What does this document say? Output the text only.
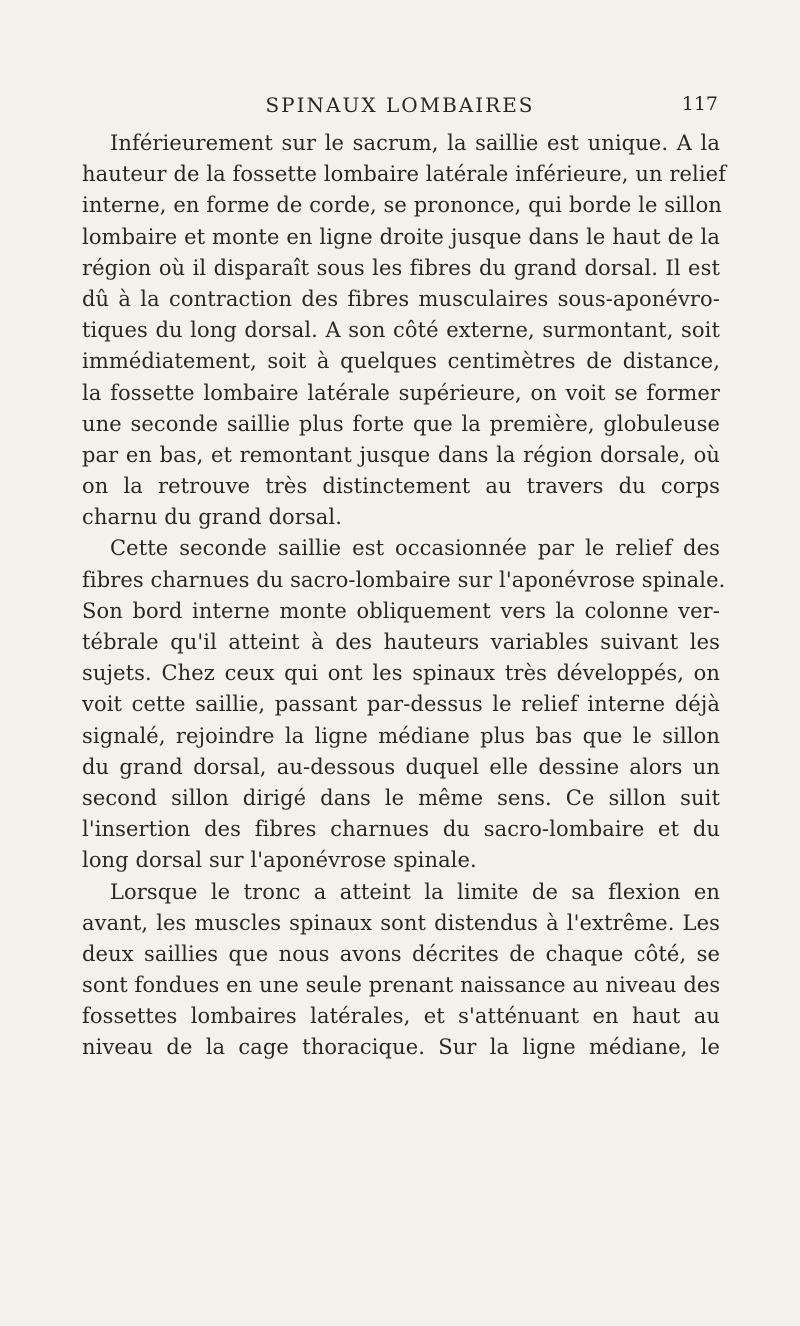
SPINAUX LOMBAIRES	117
Inférieurement sur le sacrum, la saillie est unique. A la
hauteur de la fossette lombaire latérale inférieure, un relief
interne, en forme de corde, se prononce, qui borde le sillon
lombaire et monte en ligne droite jusque dans le haut de la
région où il disparaît sous les fibres du grand dorsal. Il est
dû à la contraction des fibres musculaires sous-aponévro-
tiques du long dorsal. A son côté externe, surmontant, soit
immédiatement, soit à quelques centimètres de distance,
la fossette lombaire latérale supérieure, on voit se former
une seconde saillie plus forte que la première, globuleuse
par en bas, et remontant jusque dans la région dorsale, où
on la retrouve très distinctement au travers du corps
charnu du grand dorsal.
Cette seconde saillie est occasionnée par le relief des
fibres charnues du sacro-lombaire sur l'aponévrose spinale.
Son bord interne monte obliquement vers la colonne ver-
tébrale qu'il atteint à des hauteurs variables suivant les
sujets. Chez ceux qui ont les spinaux très développés, on
voit cette saillie, passant par-dessus le relief interne déjà
signalé, rejoindre la ligne médiane plus bas que le sillon
du grand dorsal, au-dessous duquel elle dessine alors un
second sillon dirigé dans le même sens. Ce sillon suit
l'insertion des fibres charnues du sacro-lombaire et du
long dorsal sur l'aponévrose spinale.
Lorsque le tronc a atteint la limite de sa flexion en
avant, les muscles spinaux sont distendus à l'extrême. Les
deux saillies que nous avons décrites de chaque côté, se
sont fondues en une seule prenant naissance au niveau des
fossettes lombaires latérales, et s'atténuant en haut au
niveau de la cage thoracique. Sur la ligne médiane, le
